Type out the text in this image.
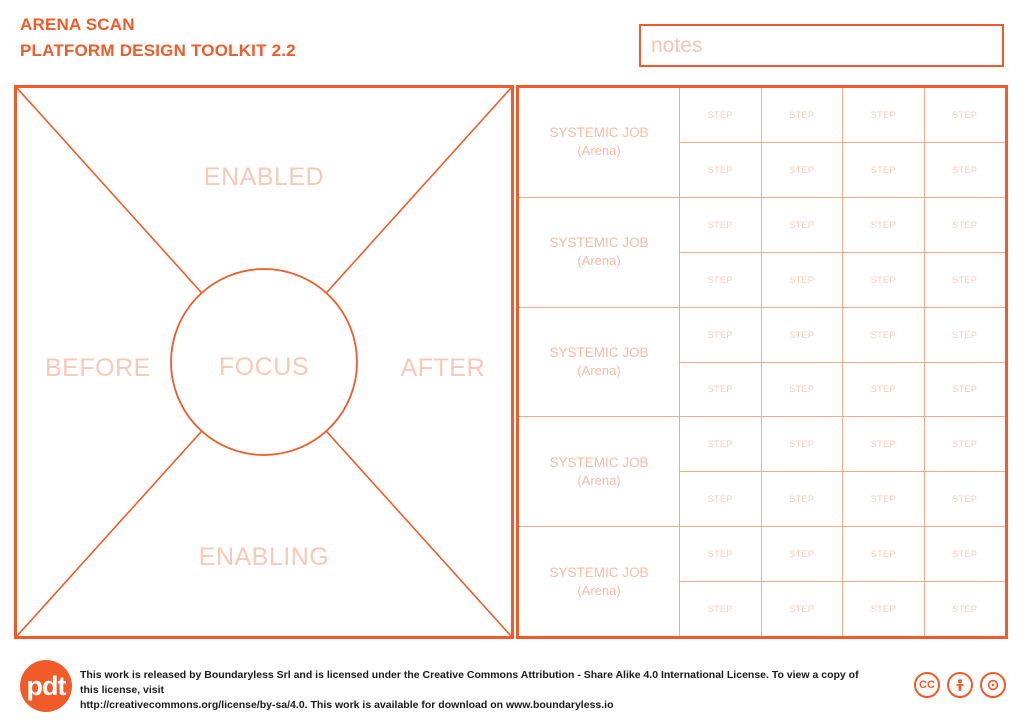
ARENA SCAN
PLATFORM DESIGN TOOLKIT 2.2	notes
ENABLED
BEFORE	AFTER
FOCUS
ENABLING
SYSTEMIC JOB
(Arena)
STEP	STEP	STEP	STEP
STEP	STEP	STEP	STEP
SYSTEMIC JOB
(Arena)
STEP	STEP	STEP	STEP
STEP	STEP	STEP	STEP
SYSTEMIC JOB
(Arena)
STEP	STEP	STEP	STEP
STEP	STEP	STEP	STEP
SYSTEMIC JOB
(Arena)
STEP	STEP	STEP	STEP
STEP	STEP	STEP	STEP
SYSTEMIC JOB
(Arena)
STEP	STEP	STEP	STEP
STEP	STEP	STEP	STEP
pdt	This work is released by Boundaryless Srl and is licensed under the Creative Commons Attribution - Share Alike 4.0 International License. To view a copy of this license, visit
http://creativecommons.org/license/by-sa/4.0. This work is available for download on www.boundaryless.io
CC
